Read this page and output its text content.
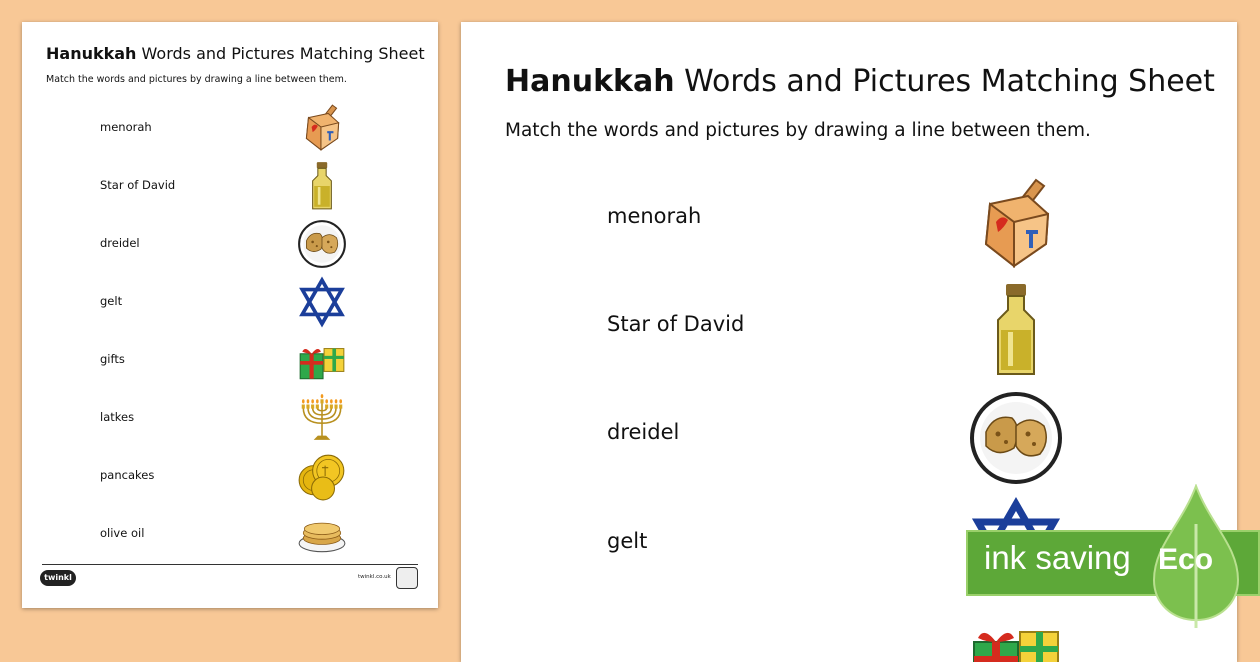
Hanukkah Words and Pictures Matching Sheet
Match the words and pictures by drawing a line between them.
menorah
Star of David
dreidel
gelt
gifts
latkes
pancakes
olive oil
twinkl	twinkl.co.uk
Hanukkah Words and Pictures Matching Sheet
Match the words and pictures by drawing a line between them.
menorah
Star of David
dreidel
gelt	ink saving Eco
